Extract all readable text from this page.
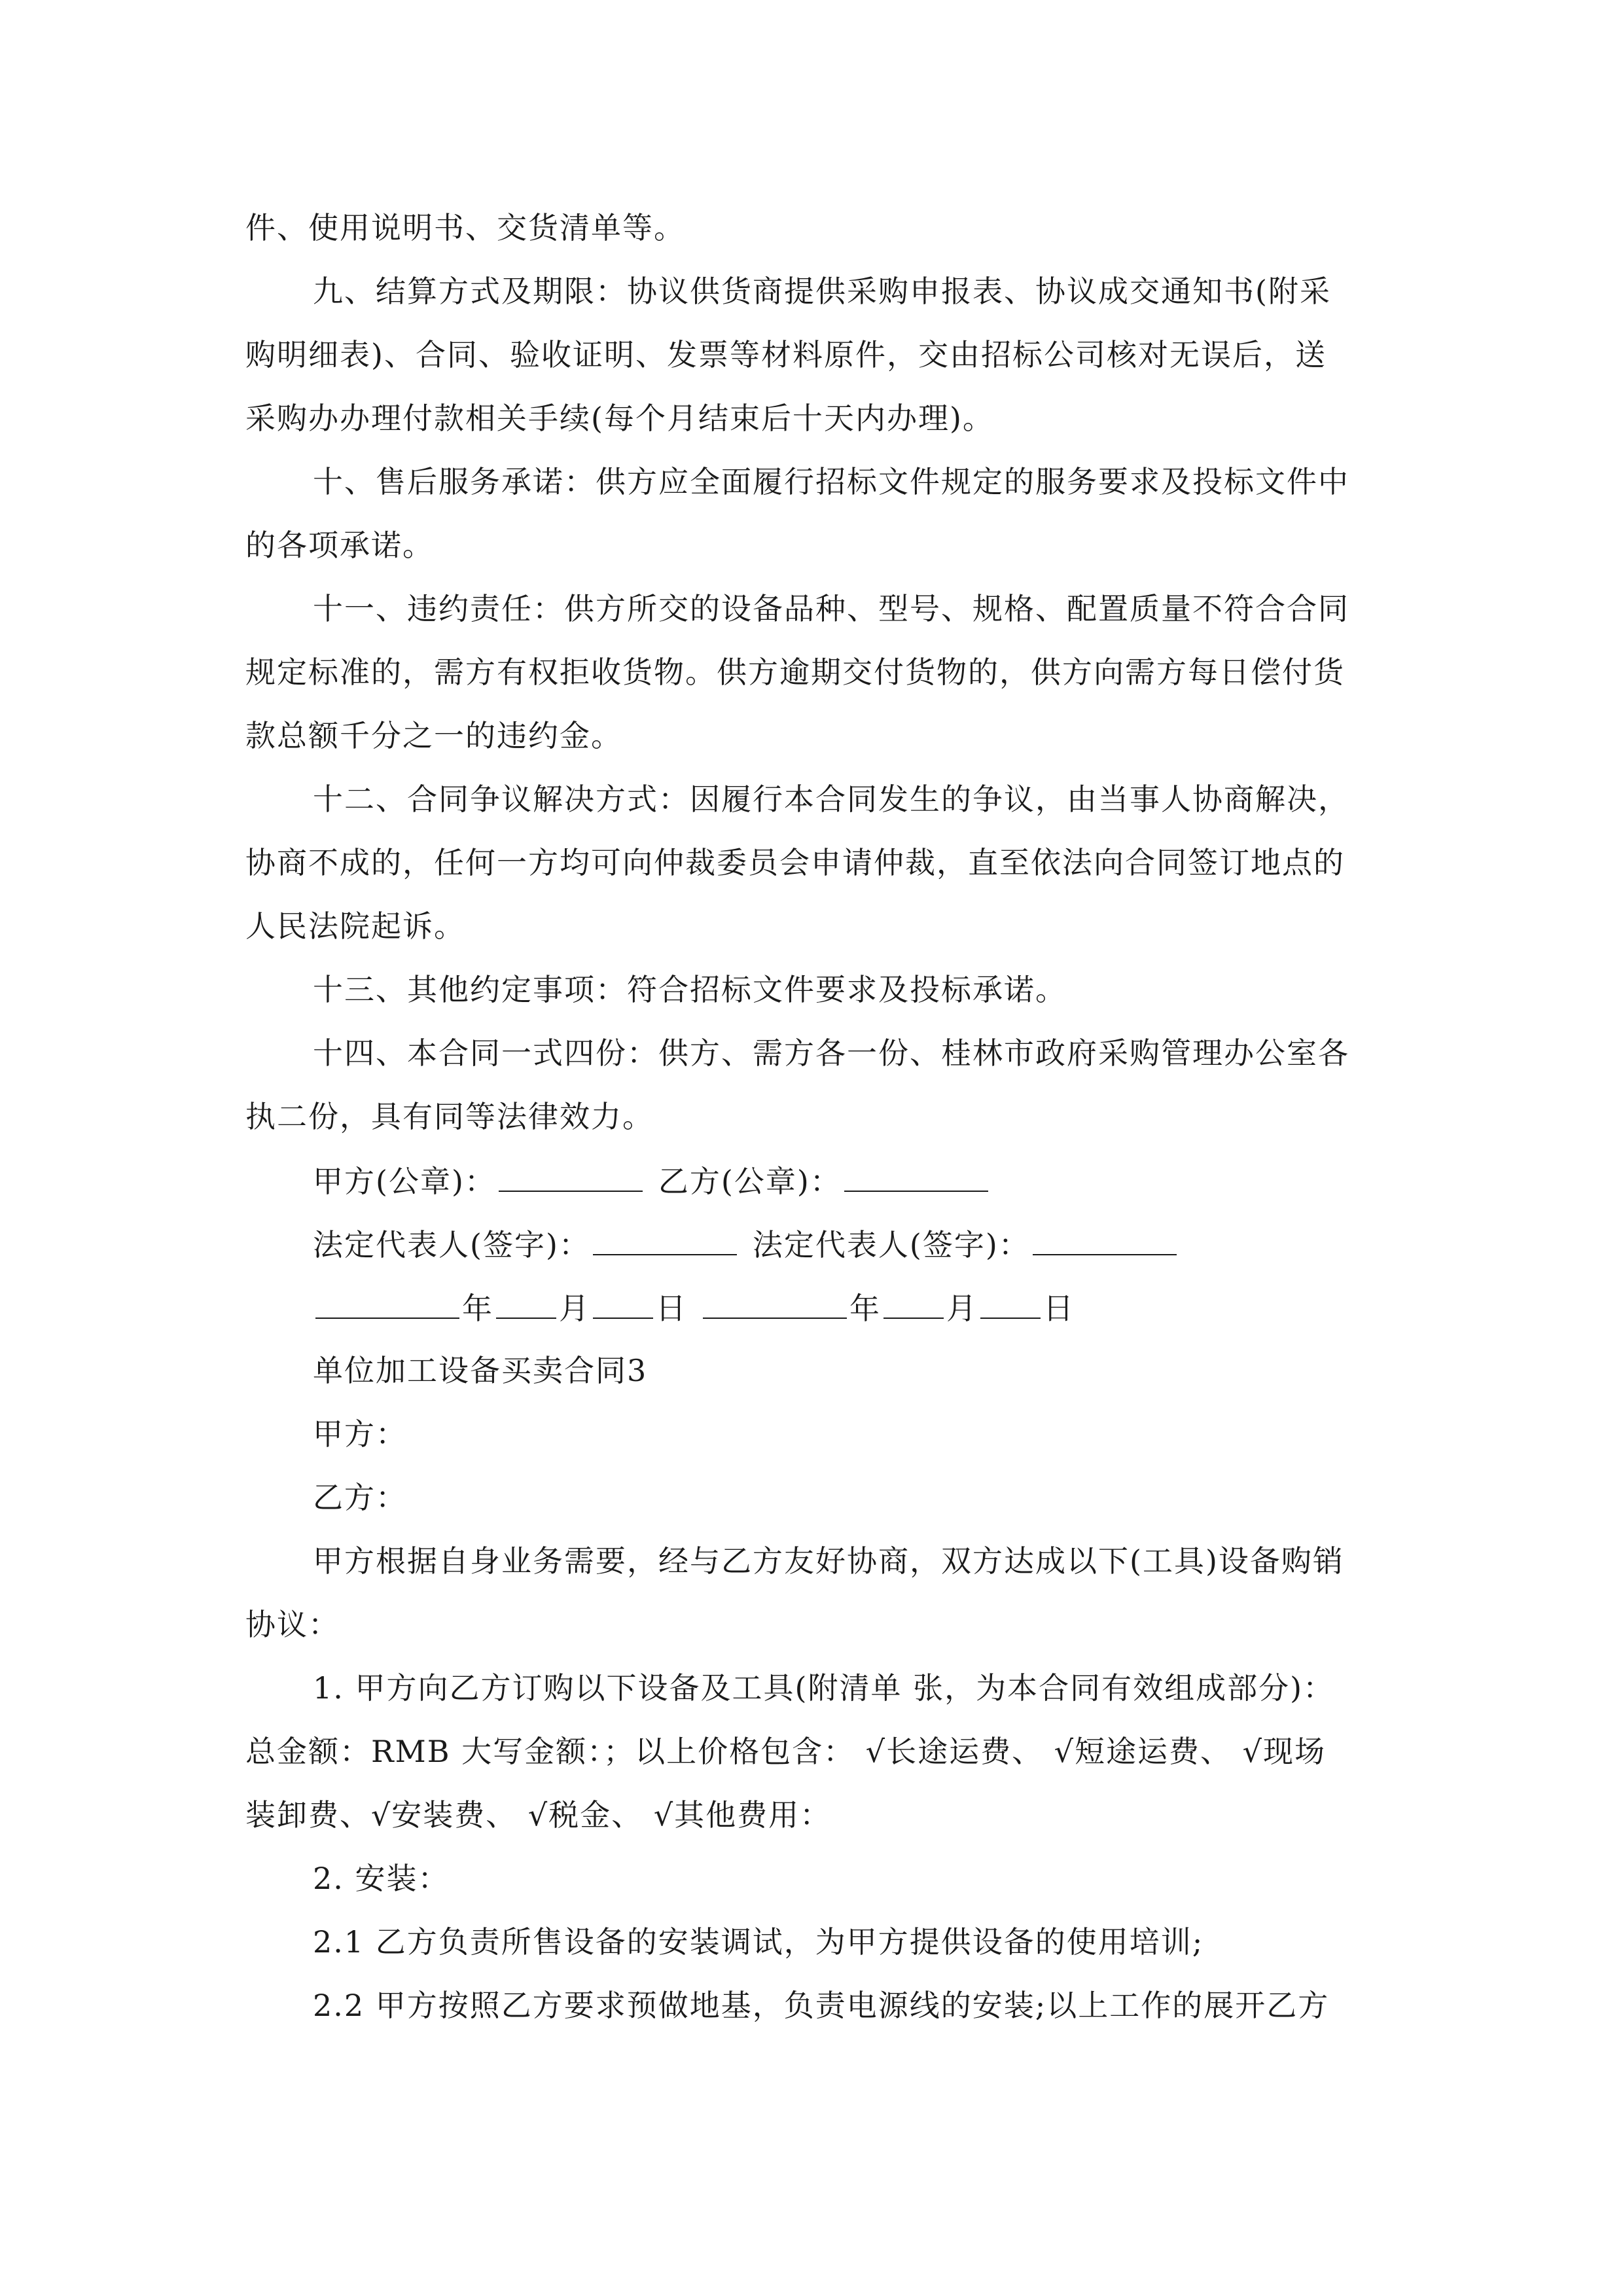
件、使用说明书、交货清单等。
九、结算方式及期限：协议供货商提供采购申报表、协议成交通知书(附采
购明细表)、合同、验收证明、发票等材料原件，交由招标公司核对无误后，送
采购办办理付款相关手续(每个月结束后十天内办理)。
十、售后服务承诺：供方应全面履行招标文件规定的服务要求及投标文件中
的各项承诺。
十一、违约责任：供方所交的设备品种、型号、规格、配置质量不符合合同
规定标准的，需方有权拒收货物。供方逾期交付货物的，供方向需方每日偿付货
款总额千分之一的违约金。
十二、合同争议解决方式：因履行本合同发生的争议，由当事人协商解决，
协商不成的，任何一方均可向仲裁委员会申请仲裁，直至依法向合同签订地点的
人民法院起诉。
十三、其他约定事项：符合招标文件要求及投标承诺。
十四、本合同一式四份：供方、需方各一份、桂林市政府采购管理办公室各
执二份，具有同等法律效力。
甲方(公章)：	乙方(公章)：
法定代表人(签字)：	法定代表人(签字)：
年 月 日	年 月 日
单位加工设备买卖合同3
甲方：
乙方：
甲方根据自身业务需要，经与乙方友好协商，双方达成以下(工具)设备购销
协议：
1. 甲方向乙方订购以下设备及工具(附清单 张，为本合同有效组成部分)：
总金额：RMB 大写金额：；以上价格包含： √长途运费、 √短途运费、 √现场
装卸费、√安装费、 √税金、 √其他费用：
2. 安装：
2.1 乙方负责所售设备的安装调试，为甲方提供设备的使用培训;
2.2 甲方按照乙方要求预做地基，负责电源线的安装;以上工作的展开乙方
